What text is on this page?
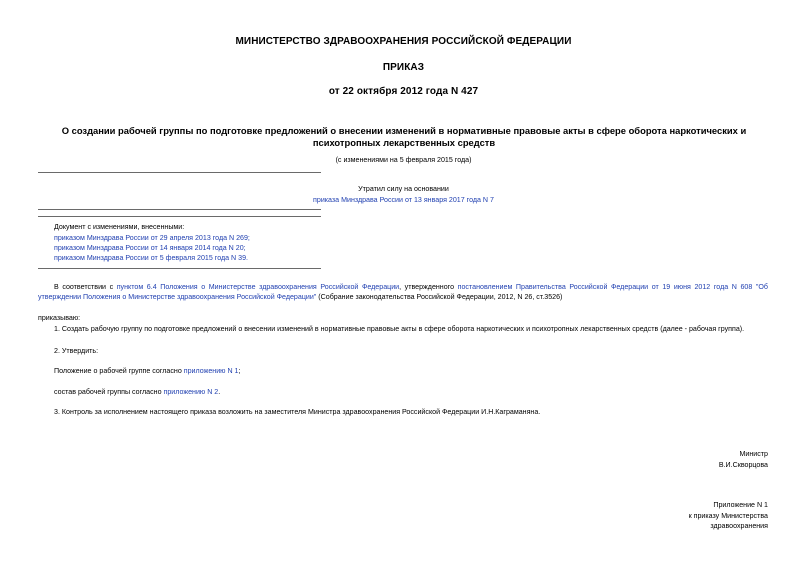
МИНИСТЕРСТВО ЗДРАВООХРАНЕНИЯ РОССИЙСКОЙ ФЕДЕРАЦИИ
ПРИКАЗ
от 22 октября 2012 года N 427
О создании рабочей группы по подготовке предложений о внесении изменений в нормативные правовые акты в сфере оборота наркотических и психотропных лекарственных средств
(с изменениями на 5 февраля 2015 года)
Утратил силу на основании
приказа Минздрава России от 13 января 2017 года N 7
Документ с изменениями, внесенными:
приказом Минздрава России от 29 апреля 2013 года N 269;
приказом Минздрава России от 14 января 2014 года N 20;
приказом Минздрава России от 5 февраля 2015 года N 39.
В соответствии с пунктом 6.4 Положения о Министерстве здравоохранения Российской Федерации, утвержденного постановлением Правительства Российской Федерации от 19 июня 2012 года N 608 "Об утверждении Положения о Министерстве здравоохранения Российской Федерации" (Собрание законодательства Российской Федерации, 2012, N 26, ст.3526)
приказываю:
1. Создать рабочую группу по подготовке предложений о внесении изменений в нормативные правовые акты в сфере оборота наркотических и психотропных лекарственных средств (далее - рабочая группа).
2. Утвердить:
Положение о рабочей группе согласно приложению N 1;
состав рабочей группы согласно приложению N 2.
3. Контроль за исполнением настоящего приказа возложить на заместителя Министра здравоохранения Российской Федерации И.Н.Каграманяна.
Министр
В.И.Скворцова
Приложение N 1
к приказу Министерства
здравоохранения
